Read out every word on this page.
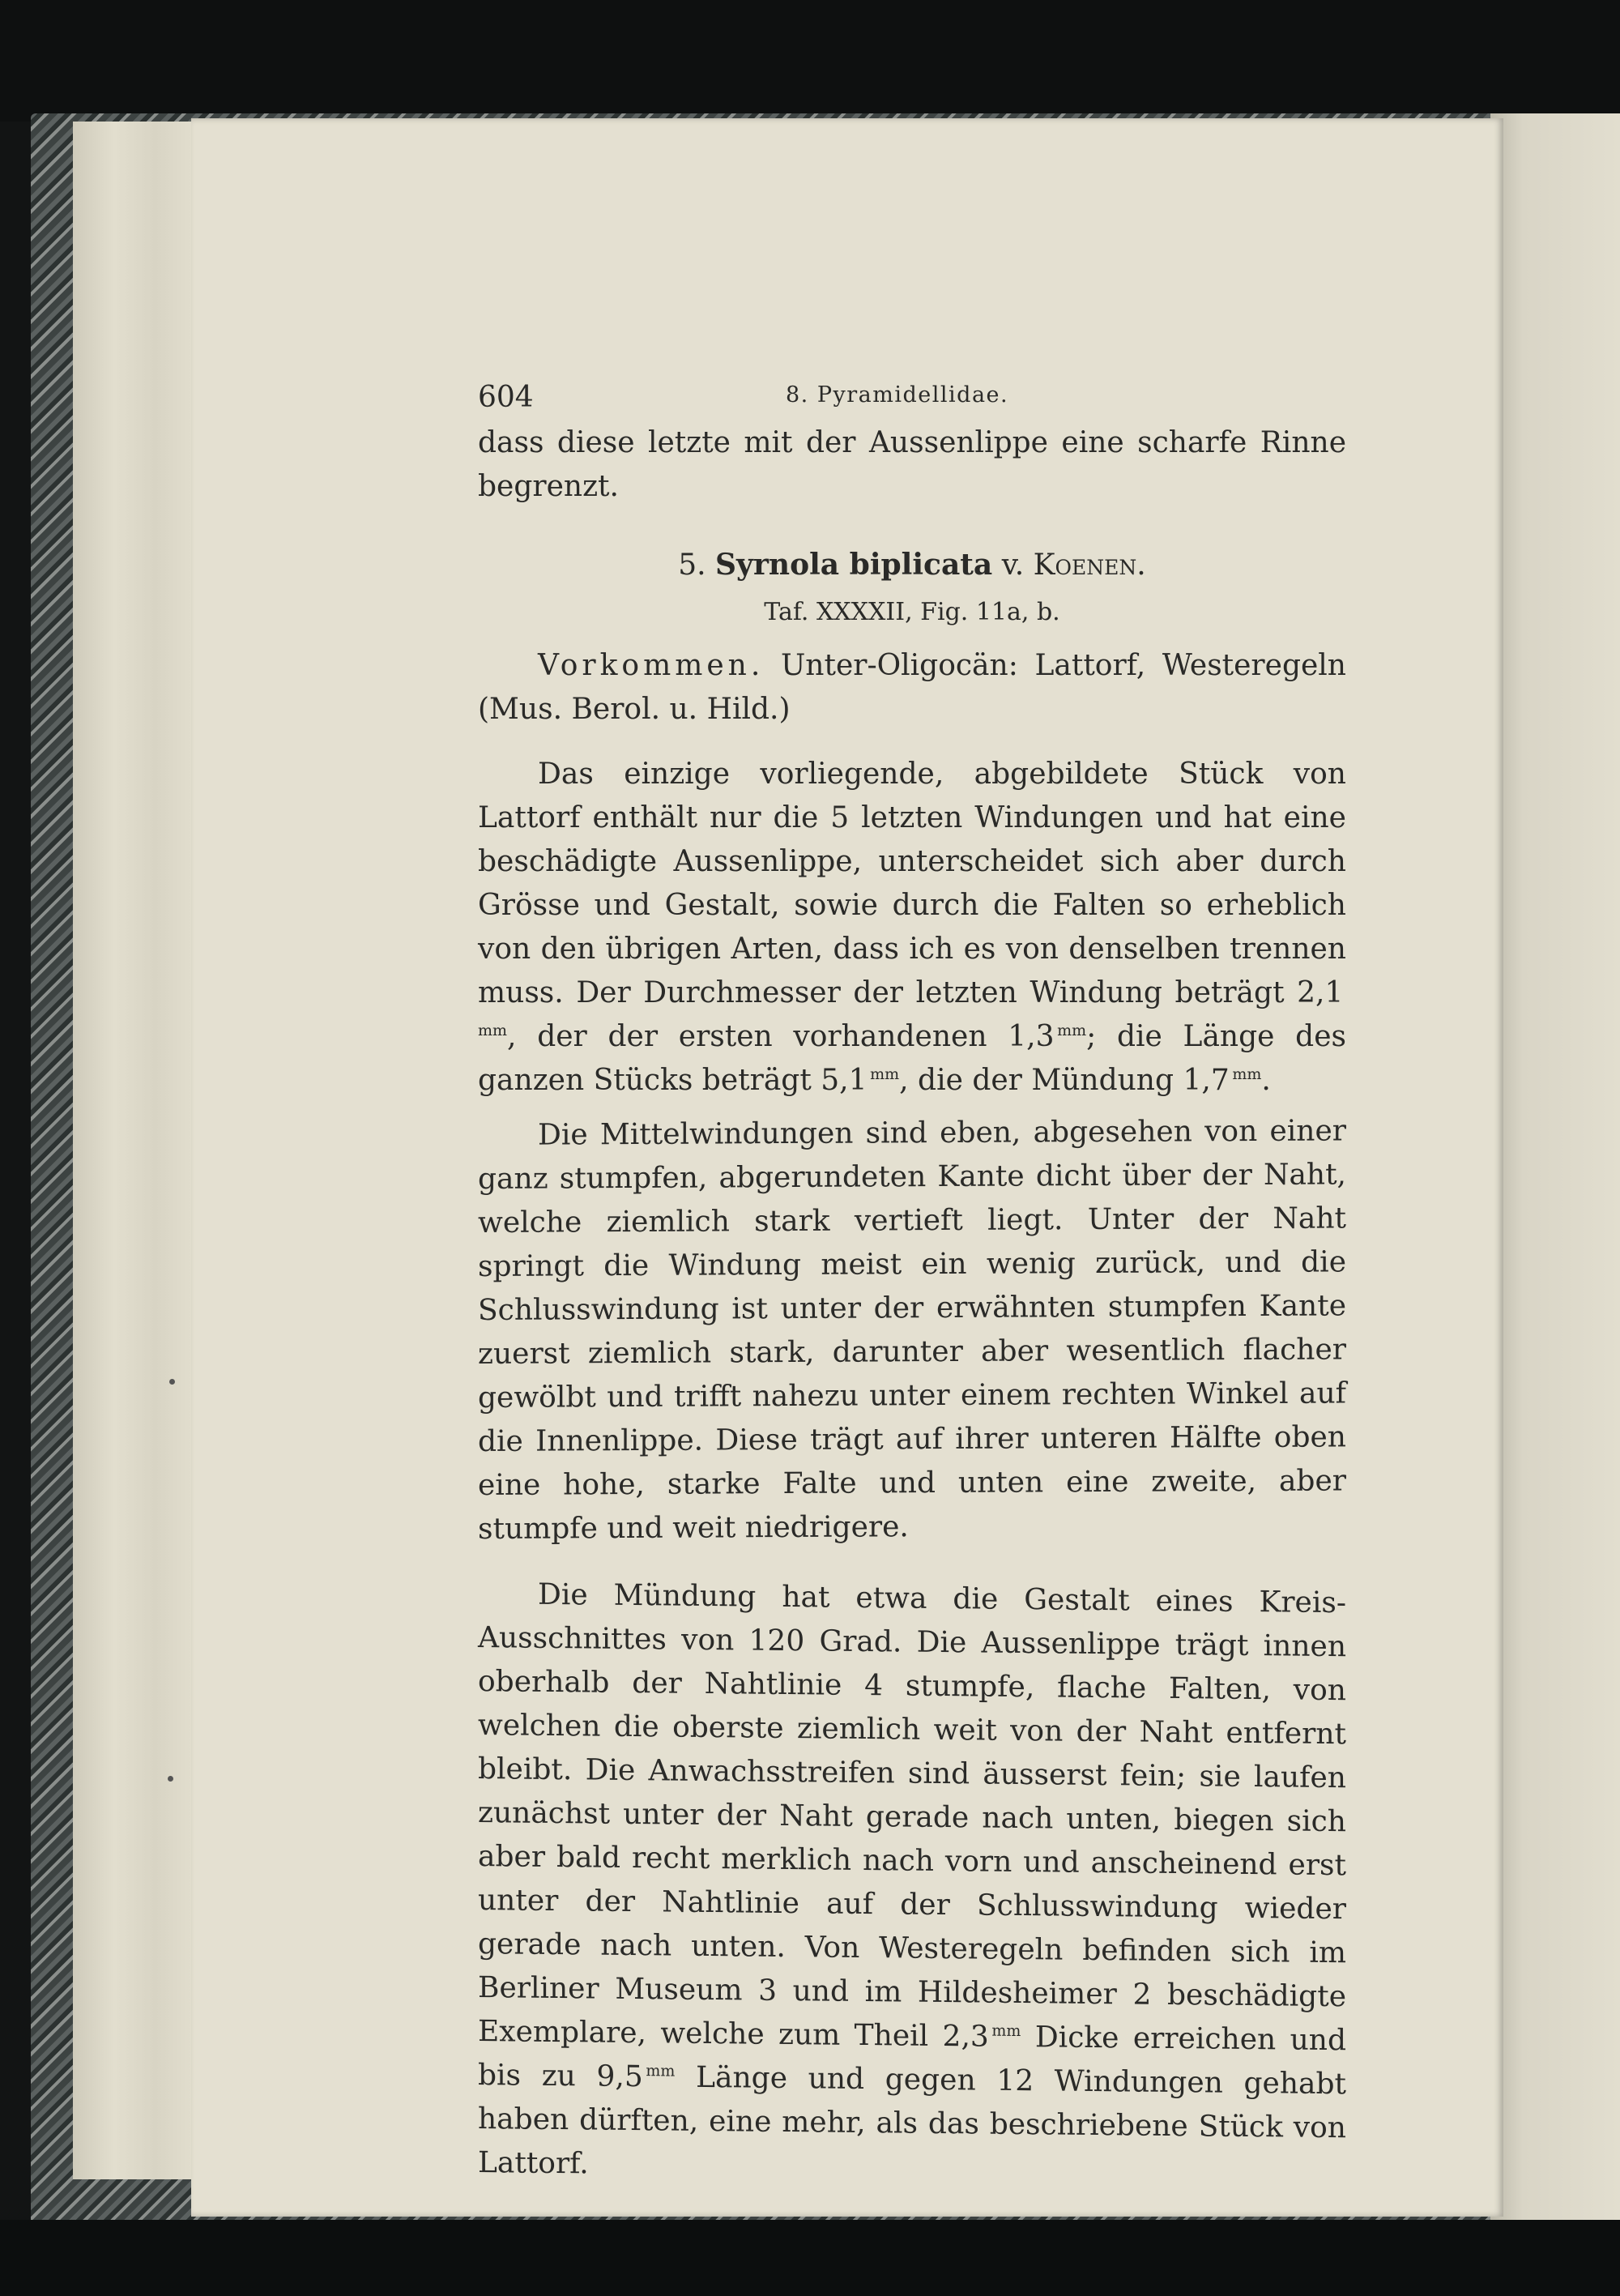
604	8. Pyramidellidae.

dass diese letzte mit der Aussenlippe eine scharfe Rinne begrenzt.

5. Syrnola biplicata v. Koenen.
Taf. XXXXII, Fig. 11a, b.

Vorkommen. Unter-Oligocän: Lattorf, Westeregeln (Mus. Berol. u. Hild.)

Das einzige vorliegende, abgebildete Stück von Lattorf enthält nur die 5 letzten Windungen und hat eine beschädigte Aussenlippe, unterscheidet sich aber durch Grösse und Gestalt, sowie durch die Falten so erheblich von den übrigen Arten, dass ich es von denselben trennen muss. Der Durchmesser der letzten Windung beträgt 2,1 $^{mm}$, der der ersten vorhandenen 1,3  $^{mm}$; die Länge des ganzen Stücks beträgt 5,1  $^{mm}$, die der Mündung 1,7  $^{mm}$.

Die Mittelwindungen sind eben, abgesehen von einer ganz stumpfen, abgerundeten Kante dicht über der Naht, welche ziemlich stark vertieft liegt. Unter der Naht springt die Windung meist ein wenig zurück, und die Schlusswindung ist unter der erwähnten stumpfen Kante zuerst ziemlich stark, darunter aber wesentlich flacher gewölbt und trifft nahezu unter einem rechten Winkel auf die Innenlippe. Diese trägt auf ihrer unteren Hälfte oben eine hohe, starke Falte und unten eine zweite, aber stumpfe und weit niedrigere.

Die Mündung hat etwa die Gestalt eines Kreis-Ausschnittes von 120 Grad. Die Aussenlippe trägt innen oberhalb der Nahtlinie 4 stumpfe, flache Falten, von welchen die oberste ziemlich weit von der Naht entfernt bleibt. Die Anwachsstreifen sind äusserst fein; sie laufen zunächst unter der Naht gerade nach unten, biegen sich aber bald recht merklich nach vorn und anscheinend erst unter der Nahtlinie auf der Schlusswindung wieder gerade nach unten. Von Westeregeln befinden sich im Berliner Museum 3 und im Hildesheimer 2 beschädigte Exemplare, welche zum Theil 2,3  $^{mm}$ Dicke erreichen und bis zu 9,5  $^{mm}$ Länge und gegen 12 Windungen gehabt haben dürften, eine mehr, als das beschriebene Stück von Lattorf.
